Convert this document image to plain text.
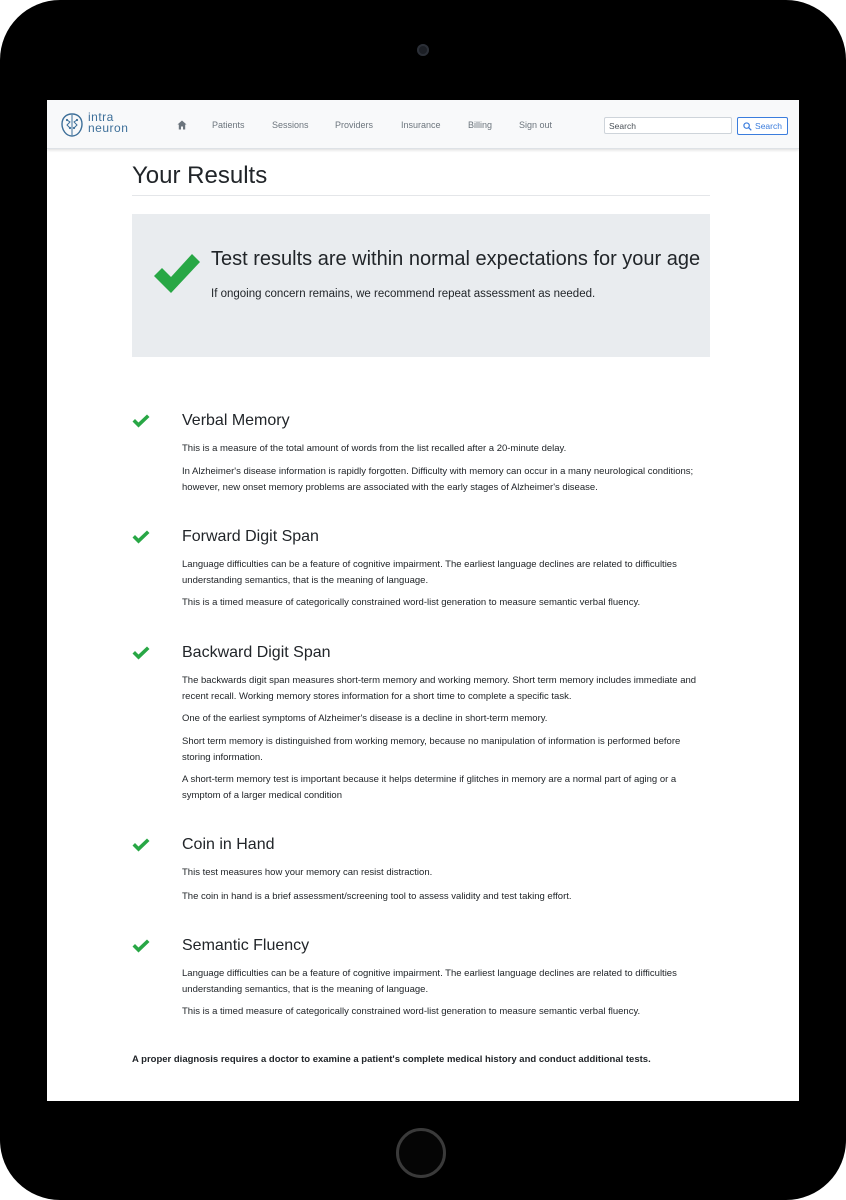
intra
neuron	Patients	Sessions	Providers	Insurance	Billing	Sign out
Search	Search
Your Results
Test results are within normal expectations for your age
If ongoing concern remains, we recommend repeat assessment as needed.
Verbal Memory

This is a measure of the total amount of words from the list recalled after a 20-minute delay.

In Alzheimer's disease information is rapidly forgotten. Difficulty with memory can occur in a many neurological conditions; however, new onset memory problems are associated with the early stages of Alzheimer's disease.

Forward Digit Span

Language difficulties can be a feature of cognitive impairment. The earliest language declines are related to difficulties understanding semantics, that is the meaning of language.

This is a timed measure of categorically constrained word-list generation to measure semantic verbal fluency.

Backward Digit Span

The backwards digit span measures short-term memory and working memory. Short term memory includes immediate and recent recall. Working memory stores information for a short time to complete a specific task.

One of the earliest symptoms of Alzheimer's disease is a decline in short-term memory.

Short term memory is distinguished from working memory, because no manipulation of information is performed before storing information.

A short-term memory test is important because it helps determine if glitches in memory are a normal part of aging or a symptom of a larger medical condition

Coin in Hand

This test measures how your memory can resist distraction.

The coin in hand is a brief assessment/screening tool to assess validity and test taking effort.

Semantic Fluency

Language difficulties can be a feature of cognitive impairment. The earliest language declines are related to difficulties understanding semantics, that is the meaning of language.

This is a timed measure of categorically constrained word-list generation to measure semantic verbal fluency.

A proper diagnosis requires a doctor to examine a patient's complete medical history and conduct additional tests.
